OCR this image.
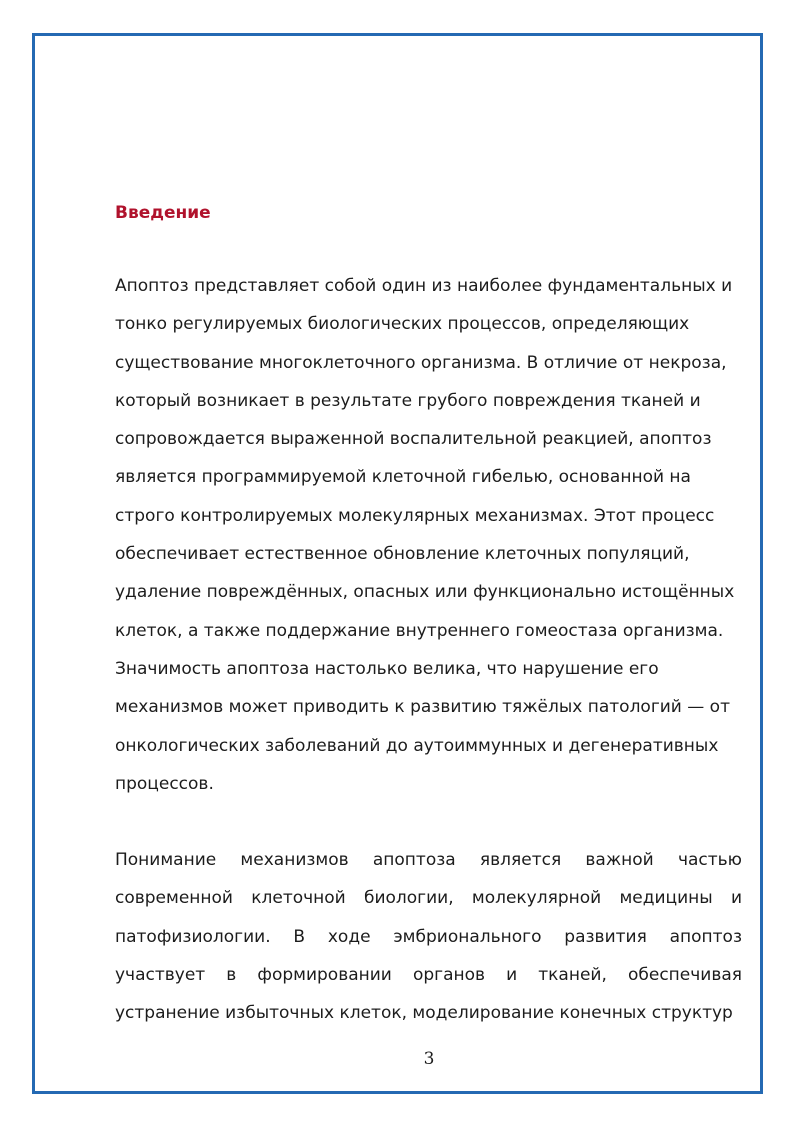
Введение

Апоптоз представляет собой один из наиболее фундаментальных и тонко регулируемых биологических процессов, определяющих существование многоклеточного организма. В отличие от некроза, который возникает в результате грубого повреждения тканей и сопровождается выраженной воспалительной реакцией, апоптоз является программируемой клеточной гибелью, основанной на строго контролируемых молекулярных механизмах. Этот процесс обеспечивает естественное обновление клеточных популяций, удаление повреждённых, опасных или функционально истощённых клеток, а также поддержание внутреннего гомеостаза организма. Значимость апоптоза настолько велика, что нарушение его механизмов может приводить к развитию тяжёлых патологий — от онкологических заболеваний до аутоиммунных и дегенеративных процессов.

Понимание механизмов апоптоза является важной частью современной клеточной биологии, молекулярной медицины и патофизиологии. В ходе эмбрионального развития апоптоз участвует в формировании органов и тканей, обеспечивая устранение избыточных клеток, моделирование конечных структур

3
